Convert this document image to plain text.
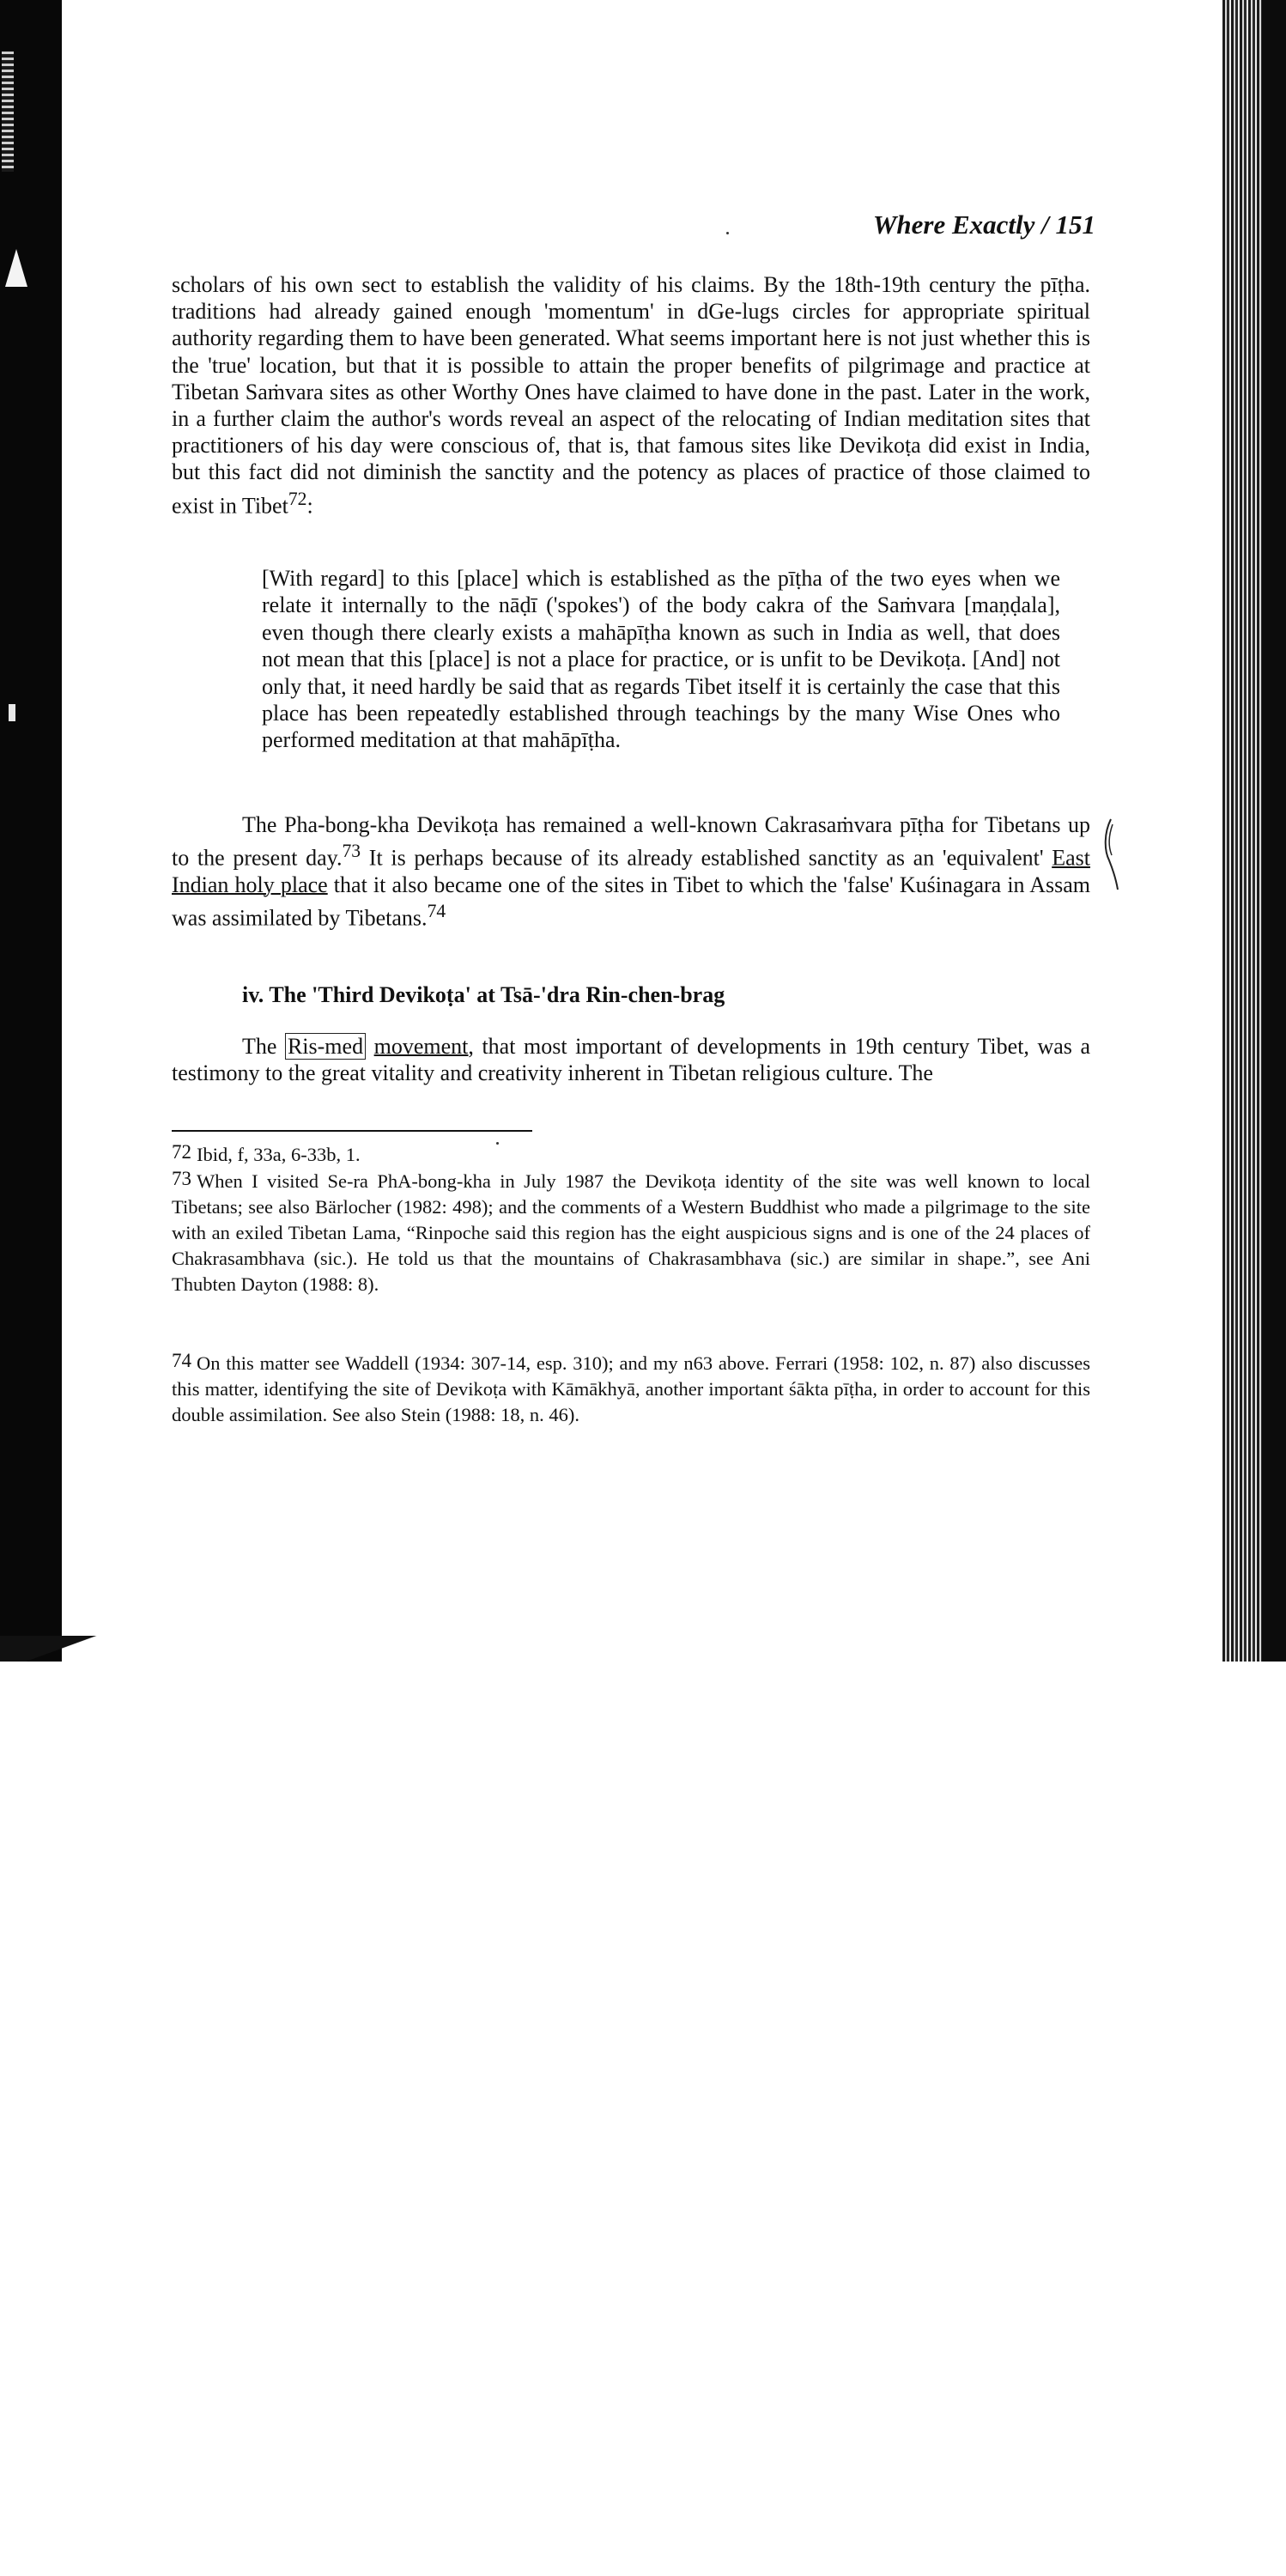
Where Exactly / 151

scholars of his own sect to establish the validity of his claims. By the 18th-19th century the pīṭha. traditions had already gained enough 'momentum' in dGe-lugs circles for appropriate spiritual authority regarding them to have been generated. What seems important here is not just whether this is the 'true' location, but that it is possible to attain the proper benefits of pilgrimage and practice at Tibetan Saṁvara sites as other Worthy Ones have claimed to have done in the past. Later in the work, in a further claim the author's words reveal an aspect of the relocating of Indian meditation sites that practitioners of his day were conscious of, that is, that famous sites like Devikoṭa did exist in India, but this fact did not diminish the sanctity and the potency as places of practice of those claimed to exist in Tibet$^{72}$:

[With regard] to this [place] which is established as the pīṭha of the two eyes when we relate it internally to the nāḍī ('spokes') of the body cakra of the Saṁvara [maṇḍala], even though there clearly exists a mahāpīṭha known as such in India as well, that does not mean that this [place] is not a place for practice, or is unfit to be Devikoṭa. [And] not only that, it need hardly be said that as regards Tibet itself it is certainly the case that this place has been repeatedly established through teachings by the many Wise Ones who performed meditation at that mahāpīṭha.

The Pha-bong-kha Devikoṭa has remained a well-known Cakrasaṁvara pīṭha for Tibetans up to the present day.$^{73}$ It is perhaps because of its already established sanctity as an 'equivalent' East Indian holy place that it also became one of the sites in Tibet to which the 'false' Kuśinagara in Assam was assimilated by Tibetans.$^{74}$

iv. The 'Third Devikoṭa' at Tsā-'dra Rin-chen-brag

The Ris-med movement, that most important of developments in 19th century Tibet, was a testimony to the great vitality and creativity inherent in Tibetan religious culture. The

72 Ibid, f, 33a, 6-33b, 1.

73 When I visited Se-ra PhA-bong-kha in July 1987 the Devikoṭa identity of the site was well known to local Tibetans; see also Bärlocher (1982: 498); and the comments of a Western Buddhist who made a pilgrimage to the site with an exiled Tibetan Lama, “Rinpoche said this region has the eight auspicious signs and is one of the 24 places of Chakrasambhava (sic.). He told us that the mountains of Chakrasambhava (sic.) are similar in shape.”, see Ani Thubten Dayton (1988: 8).

74 On this matter see Waddell (1934: 307-14, esp. 310); and my n63 above. Ferrari (1958: 102, n. 87) also discusses this matter, identifying the site of Devikoṭa with Kāmākhyā, another important śākta pīṭha, in order to account for this double assimilation. See also Stein (1988: 18, n. 46).
